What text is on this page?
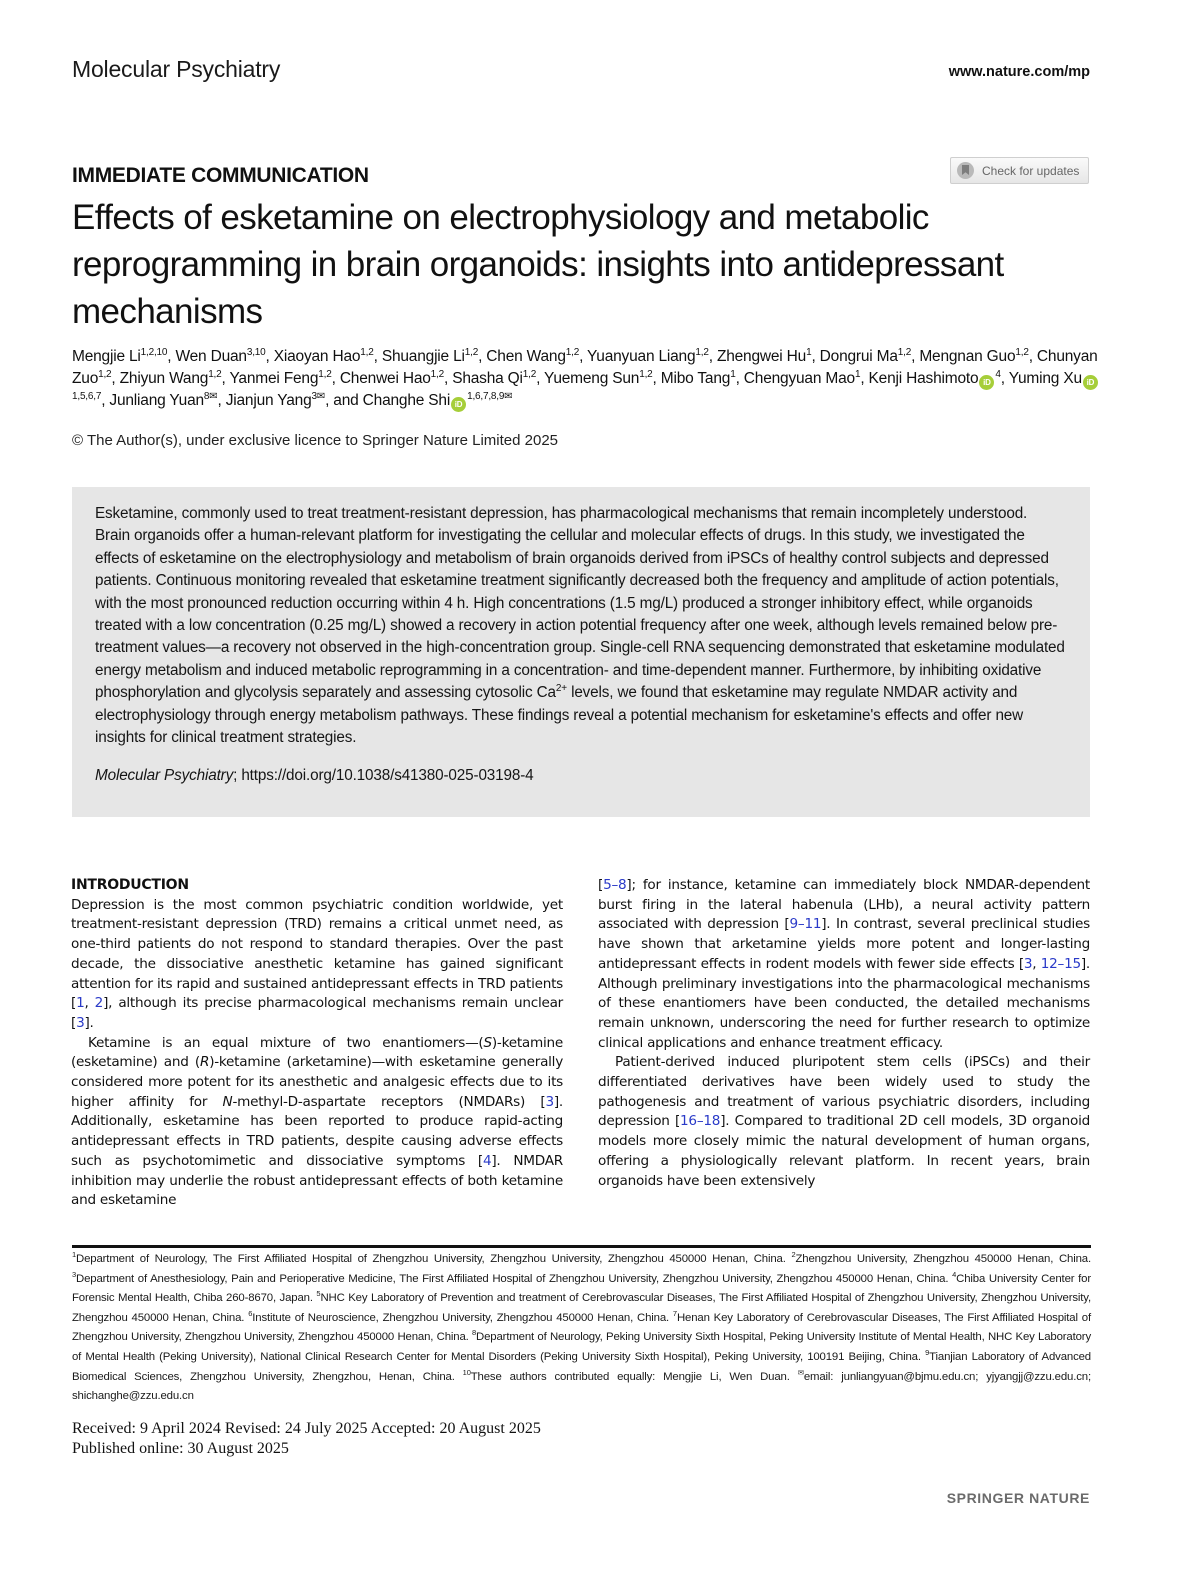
Molecular Psychiatry	www.nature.com/mp
IMMEDIATE COMMUNICATION	Check for updates
Effects of esketamine on electrophysiology and metabolic reprogramming in brain organoids: insights into antidepressant mechanisms
Mengjie Li$^{1,2,10}$, Wen Duan$^{3,10}$, Xiaoyan Hao$^{1,2}$, Shuangjie Li$^{1,2}$, Chen Wang$^{1,2}$, Yuanyuan Liang$^{1,2}$, Zhengwei Hu$^1$, Dongrui Ma$^{1,2}$, Mengnan Guo$^{1,2}$, Chunyan Zuo$^{1,2}$, Zhiyun Wang$^{1,2}$, Yanmei Feng$^{1,2}$, Chenwei Hao$^{1,2}$, Shasha Qi$^{1,2}$, Yuemeng Sun$^{1,2}$, Mibo Tang$^1$, Chengyuan Mao$^1$, Kenji Hashimoto $iD^4$, Yuming Xu iD$^{1,5,6,7}$, Junliang Yuan$^{8✉}$, Jianjun Yang$^{3✉}$, and Changhe Shi $iD^{1,6,7,8,9✉}$
© The Author(s), under exclusive licence to Springer Nature Limited 2025

Esketamine, commonly used to treat treatment-resistant depression, has pharmacological mechanisms that remain incompletely understood. Brain organoids offer a human-relevant platform for investigating the cellular and molecular effects of drugs. In this study, we investigated the effects of esketamine on the electrophysiology and metabolism of brain organoids derived from iPSCs of healthy control subjects and depressed patients. Continuous monitoring revealed that esketamine treatment significantly decreased both the frequency and amplitude of action potentials, with the most pronounced reduction occurring within 4 h. High concentrations (1.5 mg/L) produced a stronger inhibitory effect, while organoids treated with a low concentration (0.25 mg/L) showed a recovery in action potential frequency after one week, although levels remained below pre-treatment values—a recovery not observed in the high-concentration group. Single-cell RNA sequencing demonstrated that esketamine modulated energy metabolism and induced metabolic reprogramming in a concentration- and time-dependent manner. Furthermore, by inhibiting oxidative phosphorylation and glycolysis separately and assessing cytosolic $Ca^{2+}$ levels, we found that esketamine may regulate NMDAR activity and electrophysiology through energy metabolism pathways. These findings reveal a potential mechanism for esketamine's effects and offer new insights for clinical treatment strategies.

Molecular Psychiatry; https://doi.org/10.1038/s41380-025-03198-4

INTRODUCTION

Depression is the most common psychiatric condition worldwide, yet treatment-resistant depression (TRD) remains a critical unmet need, as one-third patients do not respond to standard therapies. Over the past decade, the dissociative anesthetic ketamine has gained significant attention for its rapid and sustained antidepressant effects in TRD patients [1, 2], although its precise pharmacological mechanisms remain unclear [3].

Ketamine is an equal mixture of two enantiomers—(S)-ketamine (esketamine) and (R)-ketamine (arketamine)—with esketamine generally considered more potent for its anesthetic and analgesic effects due to its higher affinity for N-methyl-D-aspartate receptors (NMDARs) [3]. Additionally, esketamine has been reported to produce rapid-acting antidepressant effects in TRD patients, despite causing adverse effects such as psychotomimetic and dissociative symptoms [4]. NMDAR inhibition may underlie the robust antidepressant effects of both ketamine and esketamine

[5–8]; for instance, ketamine can immediately block NMDAR-dependent burst firing in the lateral habenula (LHb), a neural activity pattern associated with depression [9–11]. In contrast, several preclinical studies have shown that arketamine yields more potent and longer-lasting antidepressant effects in rodent models with fewer side effects [3, 12–15]. Although preliminary investigations into the pharmacological mechanisms of these enantiomers have been conducted, the detailed mechanisms remain unknown, underscoring the need for further research to optimize clinical applications and enhance treatment efficacy.

Patient-derived induced pluripotent stem cells (iPSCs) and their differentiated derivatives have been widely used to study the pathogenesis and treatment of various psychiatric disorders, including depression [16–18]. Compared to traditional 2D cell models, 3D organoid models more closely mimic the natural development of human organs, offering a physiologically relevant platform. In recent years, brain organoids have been extensively

$^1$Department of Neurology, The First Affiliated Hospital of Zhengzhou University, Zhengzhou University, Zhengzhou 450000 Henan, China. $^2$Zhengzhou University, Zhengzhou 450000 Henan, China. $^3$Department of Anesthesiology, Pain and Perioperative Medicine, The First Affiliated Hospital of Zhengzhou University, Zhengzhou University, Zhengzhou 450000 Henan, China. $^4$Chiba University Center for Forensic Mental Health, Chiba 260-8670, Japan. $^5$NHC Key Laboratory of Prevention and treatment of Cerebrovascular Diseases, The First Affiliated Hospital of Zhengzhou University, Zhengzhou University, Zhengzhou 450000 Henan, China. $^6$Institute of Neuroscience, Zhengzhou University, Zhengzhou 450000 Henan, China. $^7$Henan Key Laboratory of Cerebrovascular Diseases, The First Affiliated Hospital of Zhengzhou University, Zhengzhou University, Zhengzhou 450000 Henan, China. $^8$Department of Neurology, Peking University Sixth Hospital, Peking University Institute of Mental Health, NHC Key Laboratory of Mental Health (Peking University), National Clinical Research Center for Mental Disorders (Peking University Sixth Hospital), Peking University, 100191 Beijing, China. $^9$Tianjian Laboratory of Advanced Biomedical Sciences, Zhengzhou University, Zhengzhou, Henan, China. $^{10}$These authors contributed equally: Mengjie Li, Wen Duan. ✉email: junliangyuan@bjmu.edu.cn; yjyangjj@zzu.edu.cn; shichanghe@zzu.edu.cn
Received: 9 April 2024 Revised: 24 July 2025 Accepted: 20 August 2025
Published online: 30 August 2025
SPRINGER NATURE
